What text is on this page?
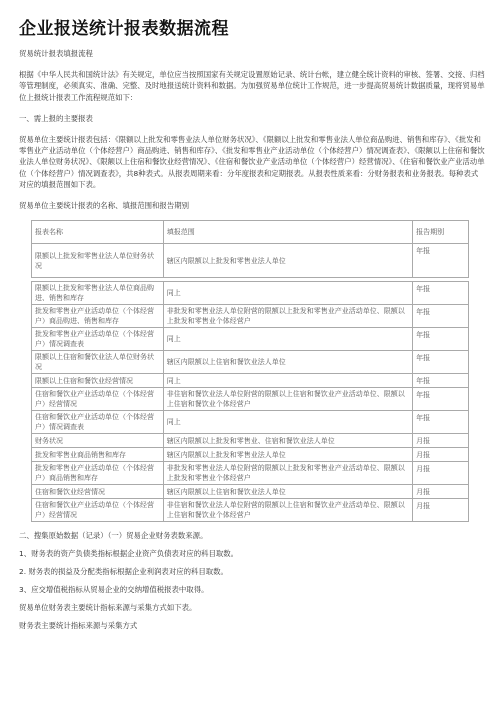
企业报送统计报表数据流程

贸易统计报表填报流程

根据《中华人民共和国统计法》有关规定，单位应当按照国家有关规定设置原始记录、统计台帐，建立健全统计资料的审核、签署、交接、归档等管理制度，必须真实、准确、完整、及时地报送统计资料和数据。为加强贸易单位统计工作规范，进一步提高贸易统计数据质量，现将贸易单位上报统计报表工作流程规范如下：

一、需上报的主要报表

贸易单位主要统计报表包括：《限额以上批发和零售业法人单位财务状况》、《限额以上批发和零售业法人单位商品购进、销售和库存》、《批发和零售业产业活动单位（个体经营户）商品购进、销售和库存》、《批发和零售业产业活动单位（个体经营户）情况调查表》、《限额以上住宿和餐饮业法人单位财务状况》、《限额以上住宿和餐饮业经营情况》、《住宿和餐饮业产业活动单位（个体经营户）经营情况》、《住宿和餐饮业产业活动单位（个体经营户）情况调查表》，共8种表式。从报表周期来看：分年度报表和定期报表。从报表性质来看：分财务报表和业务报表。每种表式对应的填报范围如下表。

贸易单位主要统计报表的名称、填报范围和报告期别

报表名称	填报范围	报告期别
限额以上批发和零售业法人单位财务状况	辖区内限额以上批发和零售业法人单位	年报

限额以上批发和零售业法人单位商品购进、销售和库存	同上	年报
批发和零售业产业活动单位（个体经营户）商品购进、销售和库存	非批发和零售业法人单位附营的限额以上批发和零售业产业活动单位、限额以上批发和零售业个体经营户	年报
批发和零售业产业活动单位（个体经营户）情况调查表	同上	年报
限额以上住宿和餐饮业法人单位财务状况	辖区内限额以上住宿和餐饮业法人单位	年报
限额以上住宿和餐饮业经营情况	同上	年报
住宿和餐饮业产业活动单位（个体经营户）经营情况	非住宿和餐饮业法人单位附营的限额以上住宿和餐饮业产业活动单位、限额以上住宿和餐饮业个体经营户	年报
住宿和餐饮业产业活动单位（个体经营户）情况调查表	同上	年报
财务状况	辖区内限额以上批发和零售业、住宿和餐饮业法人单位	月报
批发和零售业商品销售和库存	辖区内限额以上批发和零售业法人单位	月报
批发和零售业产业活动单位（个体经营户）商品销售和库存	非批发和零售业法人单位附营的限额以上批发和零售业产业活动单位、限额以上批发和零售业个体经营户	月报
住宿和餐饮业经营情况	辖区内限额以上住宿和餐饮业法人单位	月报
住宿和餐饮业产业活动单位（个体经营户）经营情况	非住宿和餐饮业法人单位附营的限额以上住宿和餐饮业产业活动单位、限额以上住宿和餐饮业个体经营户	月报

二、搜集原始数据（记录）（一）贸易企业财务表数来源。

1、财务表的资产负债类指标根据企业资产负债表对应的科目取数。

2. 财务表的损益及分配类指标根据企业利润表对应的科目取数。

3、应交增值税指标从贸易企业的交纳增值税报表中取得。

贸易单位财务表主要统计指标来源与采集方式如下表。

财务表主要统计指标来源与采集方式
